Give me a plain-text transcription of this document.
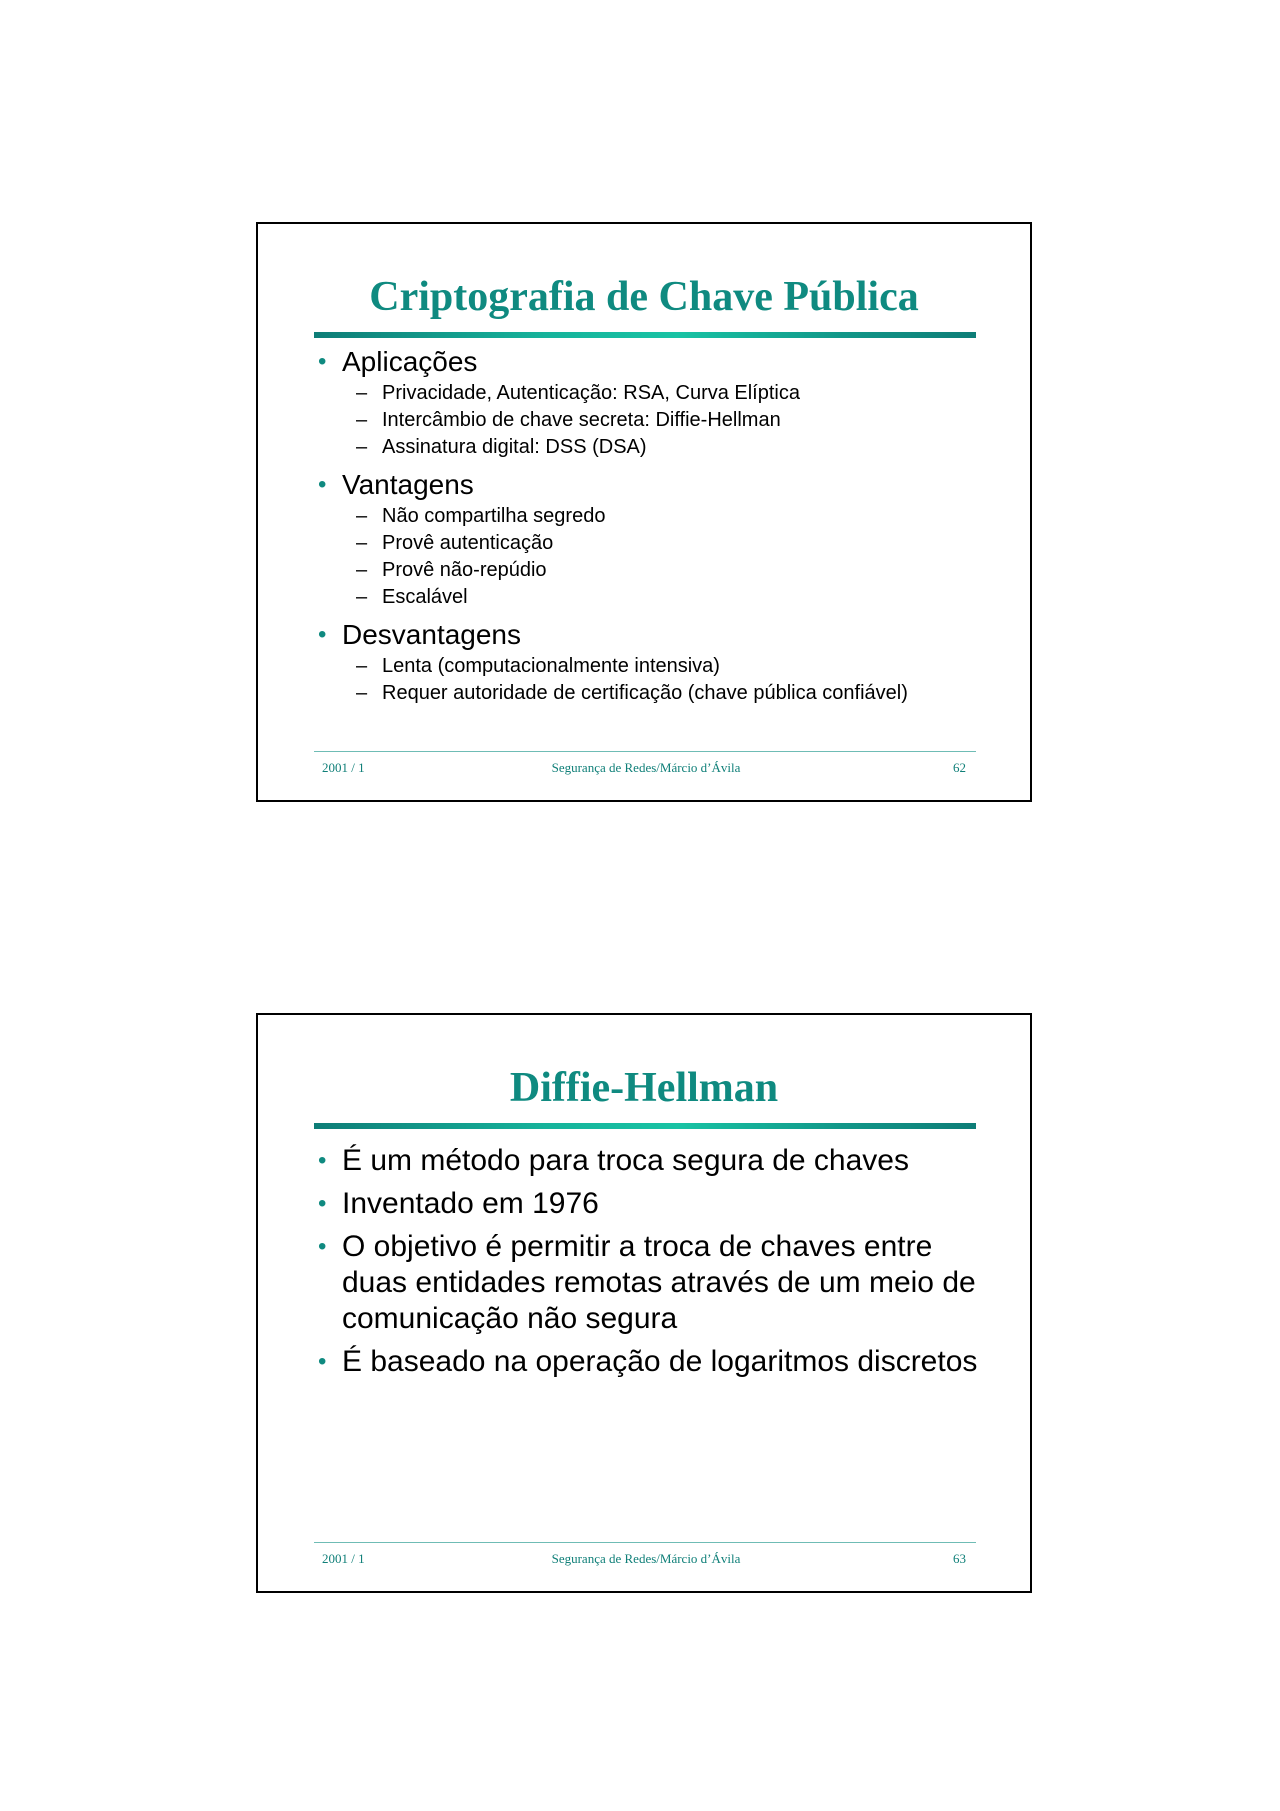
Criptografia de Chave Pública
• Aplicações
– Privacidade, Autenticação: RSA, Curva Elíptica
– Intercâmbio de chave secreta: Diffie-Hellman
– Assinatura digital: DSS (DSA)
• Vantagens
– Não compartilha segredo
– Provê autenticação
– Provê não-repúdio
– Escalável
• Desvantagens
– Lenta (computacionalmente intensiva)
– Requer autoridade de certificação (chave pública confiável)
2001 / 1	Segurança de Redes/Márcio d’Ávila	62
Diffie-Hellman
• É um método para troca segura de chaves
• Inventado em 1976
• O objetivo é permitir a troca de chaves entre duas entidades remotas através de um meio de comunicação não segura
• É baseado na operação de logaritmos discretos
2001 / 1	Segurança de Redes/Márcio d’Ávila	63
